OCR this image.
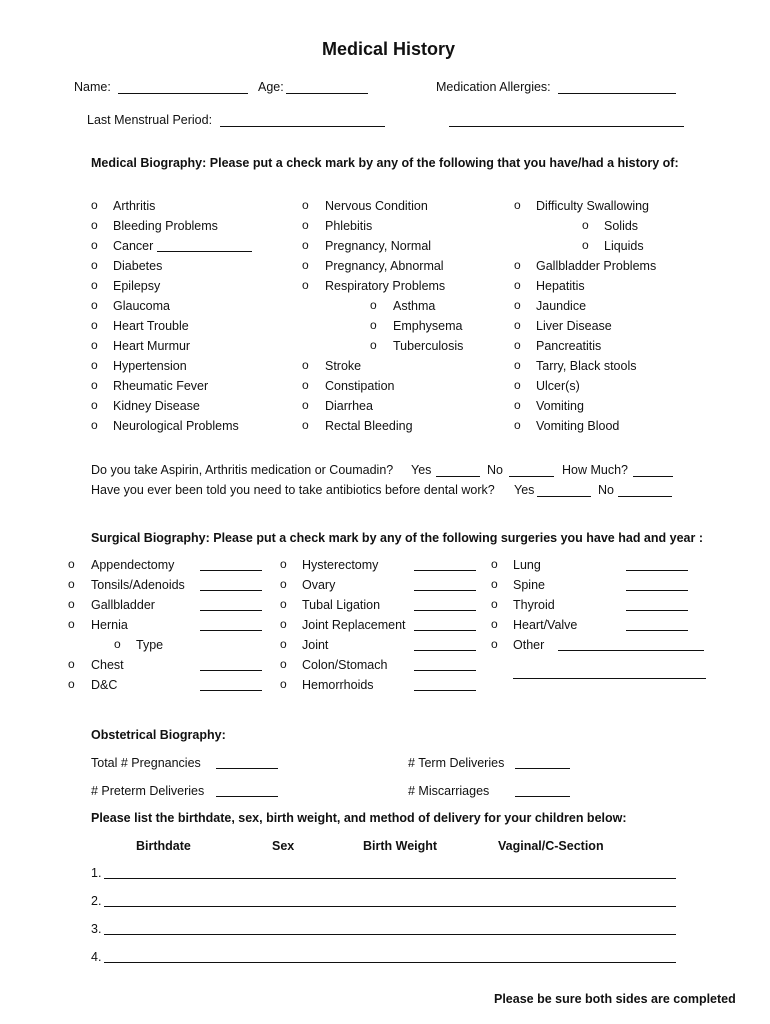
Medical History
Name:	Age:	Medication Allergies:
Last Menstrual Period:
Medical Biography: Please put a check mark by any of the following that you have/had a history of:
o Arthritis
o Bleeding Problems
o Cancer
o Diabetes
o Epilepsy
o Glaucoma
o Heart Trouble
o Heart Murmur
o Hypertension
o Rheumatic Fever
o Kidney Disease
o Neurological Problems
o Nervous Condition
o Phlebitis
o Pregnancy, Normal
o Pregnancy, Abnormal
o Respiratory Problems
o Stroke
o Constipation
o Diarrhea
o Rectal Bleeding
o Asthma
o Emphysema
o Tuberculosis
o Difficulty Swallowing
o Gallbladder Problems
o Hepatitis
o Jaundice
o Liver Disease
o Pancreatitis
o Tarry, Black stools
o Ulcer(s)
o Vomiting
o Vomiting Blood
o Solids
o Liquids
Do you take Aspirin, Arthritis medication or Coumadin? Yes	No	How Much?
Have you ever been told you need to take antibiotics before dental work? Yes	No
Surgical Biography: Please put a check mark by any of the following surgeries you have had and year :
o Appendectomy
o Tonsils/Adenoids
o Gallbladder
o Hernia
o Chest
o D&C
o Type
o Hysterectomy
o Ovary
o Tubal Ligation
o Joint Replacement
o Joint
o Colon/Stomach
o Hemorrhoids
o Lung
o Spine
o Thyroid
o Heart/Valve
o Other
Obstetrical Biography:
Total # Pregnancies	# Term Deliveries
# Preterm Deliveries	# Miscarriages
Please list the birthdate, sex, birth weight, and method of delivery for your children below:
Birthdate	Sex	Birth Weight	Vaginal/C-Section
1.
2.
3.
4.
Please be sure both sides are completed
